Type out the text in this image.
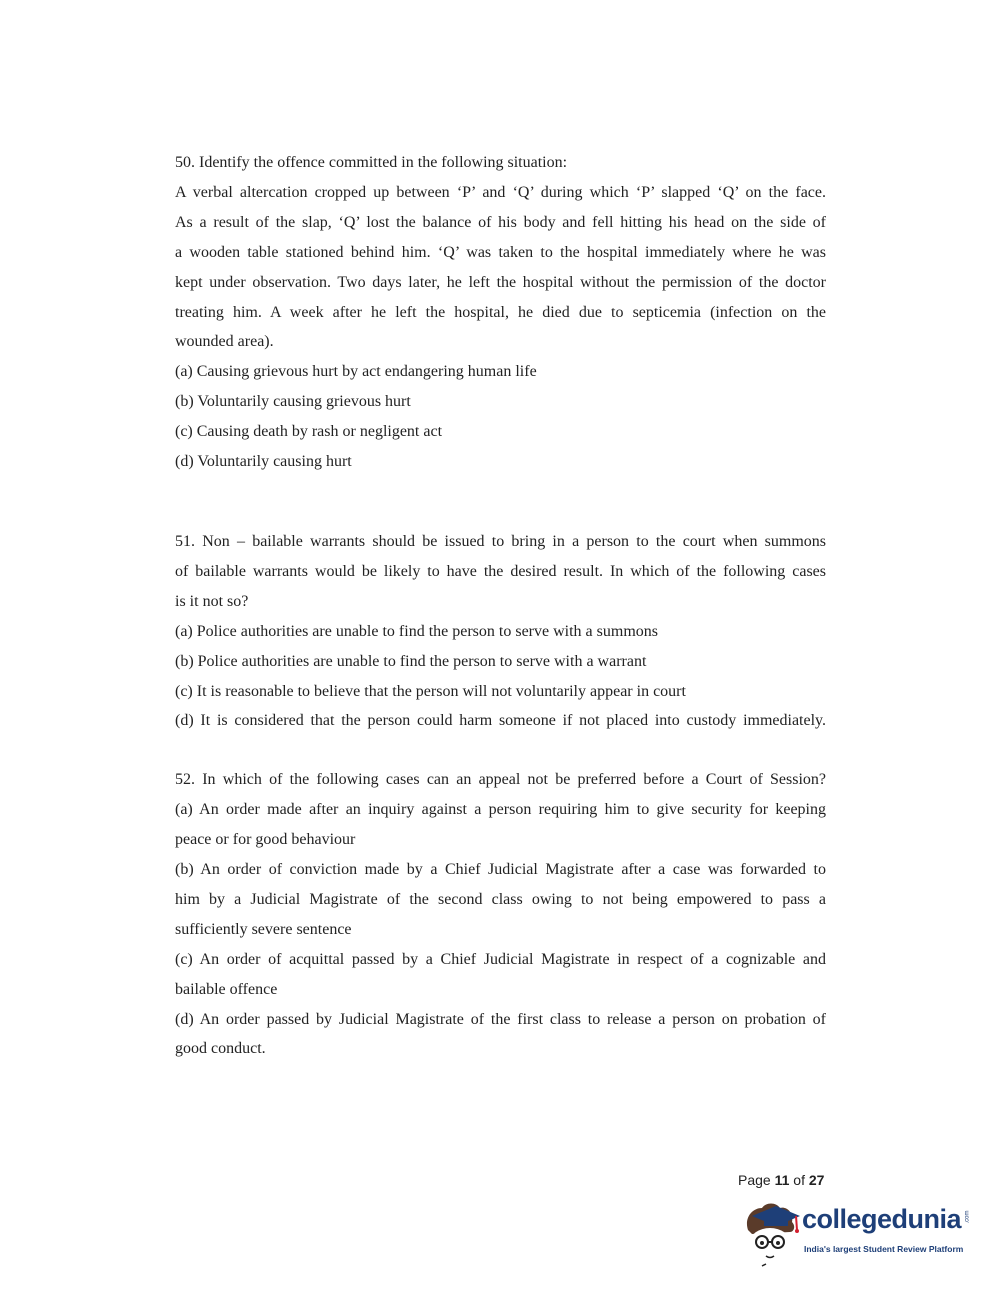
50. Identify the offence committed in the following situation:
A verbal altercation cropped up between ‘P’ and ‘Q’ during which ‘P’ slapped ‘Q’ on the face.
As a result of the slap, ‘Q’ lost the balance of his body and fell hitting his head on the side of
a wooden table stationed behind him. ‘Q’ was taken to the hospital immediately where he was
kept under observation. Two days later, he left the hospital without the permission of the doctor
treating him. A week after he left the hospital, he died due to septicemia (infection on the
wounded area).
(a) Causing grievous hurt by act endangering human life
(b) Voluntarily causing grievous hurt
(c) Causing death by rash or negligent act
(d) Voluntarily causing hurt
51. Non – bailable warrants should be issued to bring in a person to the court when summons
of bailable warrants would be likely to have the desired result. In which of the following cases
is it not so?
(a) Police authorities are unable to find the person to serve with a summons
(b) Police authorities are unable to find the person to serve with a warrant
(c) It is reasonable to believe that the person will not voluntarily appear in court
(d) It is considered that the person could harm someone if not placed into custody immediately.
52. In which of the following cases can an appeal not be preferred before a Court of Session?
(a) An order made after an inquiry against a person requiring him to give security for keeping
peace or for good behaviour
(b) An order of conviction made by a Chief Judicial Magistrate after a case was forwarded to
him by a Judicial Magistrate of the second class owing to not being empowered to pass a
sufficiently severe sentence
(c) An order of acquittal passed by a Chief Judicial Magistrate in respect of a cognizable and
bailable offence
(d) An order passed by Judicial Magistrate of the first class to release a person on probation of
good conduct.
Page 11 of 27
collegedunia .com
India's largest Student Review Platform
